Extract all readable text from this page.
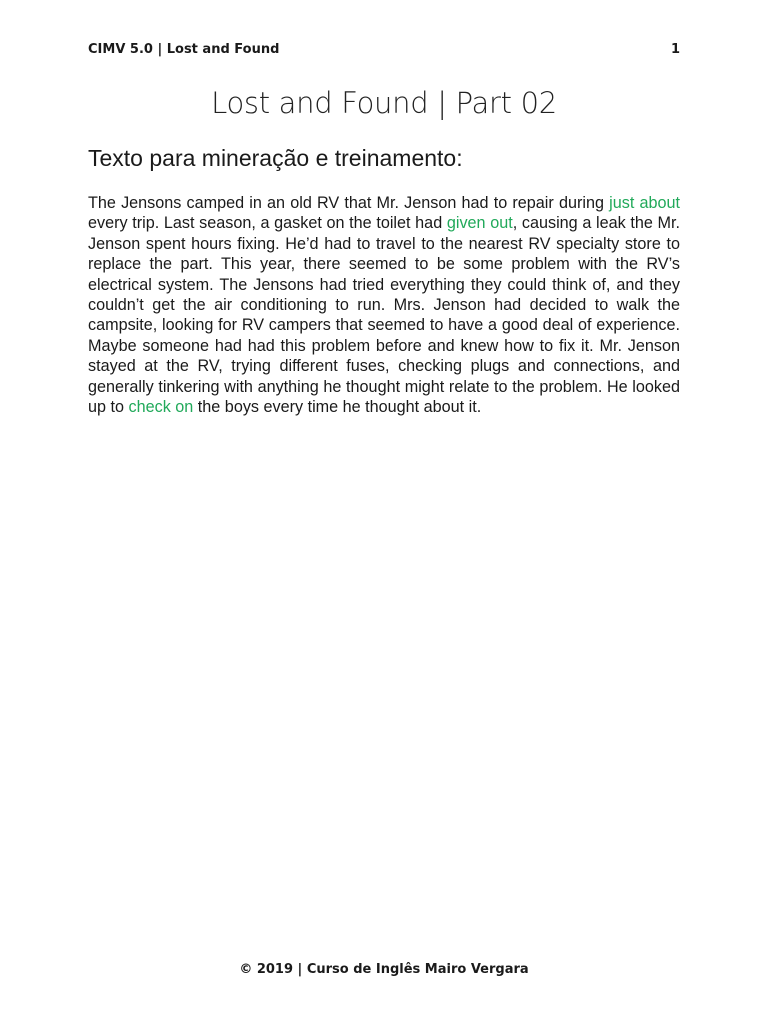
CIMV 5.0 | Lost and Found	1
Lost and Found | Part 02
Texto para mineração e treinamento:
The Jensons camped in an old RV that Mr. Jenson had to repair during just about every trip. Last season, a gasket on the toilet had given out, causing a leak the Mr. Jenson spent hours fixing. He’d had to travel to the nearest RV specialty store to replace the part. This year, there seemed to be some problem with the RV’s electrical system. The Jensons had tried everything they could think of, and they couldn’t get the air conditioning to run. Mrs. Jenson had decided to walk the campsite, looking for RV campers that seemed to have a good deal of experience. Maybe someone had had this problem before and knew how to fix it. Mr. Jenson stayed at the RV, trying different fuses, checking plugs and connections, and generally tinkering with anything he thought might relate to the problem. He looked up to check on the boys every time he thought about it.
© 2019 | Curso de Inglês Mairo Vergara
